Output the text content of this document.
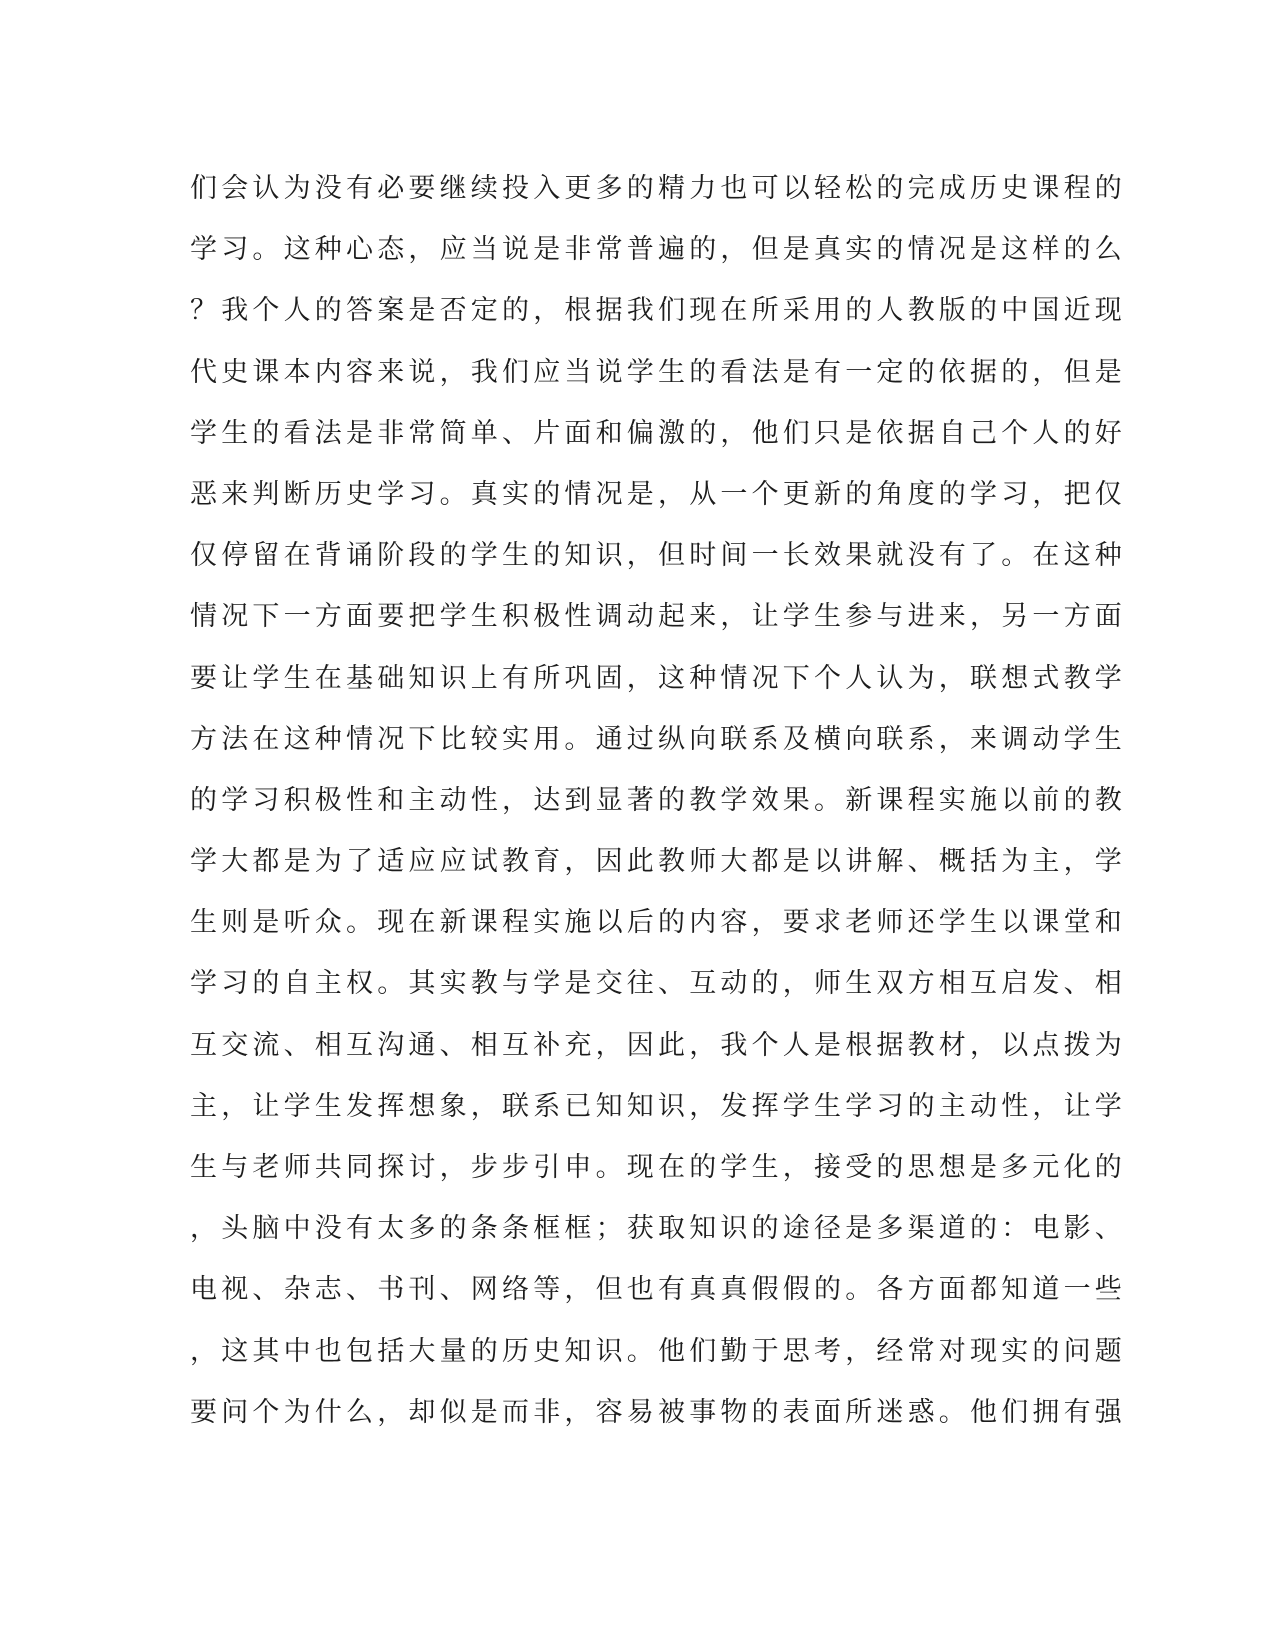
们会认为没有必要继续投入更多的精力也可以轻松的完成历史课程的
学习。这种心态，应当说是非常普遍的，但是真实的情况是这样的么
？我个人的答案是否定的，根据我们现在所采用的人教版的中国近现
代史课本内容来说，我们应当说学生的看法是有一定的依据的，但是
学生的看法是非常简单、片面和偏激的，他们只是依据自己个人的好
恶来判断历史学习。真实的情况是，从一个更新的角度的学习，把仅
仅停留在背诵阶段的学生的知识，但时间一长效果就没有了。在这种
情况下一方面要把学生积极性调动起来，让学生参与进来，另一方面
要让学生在基础知识上有所巩固，这种情况下个人认为，联想式教学
方法在这种情况下比较实用。通过纵向联系及横向联系，来调动学生
的学习积极性和主动性，达到显著的教学效果。新课程实施以前的教
学大都是为了适应应试教育，因此教师大都是以讲解、概括为主，学
生则是听众。现在新课程实施以后的内容，要求老师还学生以课堂和
学习的自主权。其实教与学是交往、互动的，师生双方相互启发、相
互交流、相互沟通、相互补充，因此，我个人是根据教材，以点拨为
主，让学生发挥想象，联系已知知识，发挥学生学习的主动性，让学
生与老师共同探讨，步步引申。现在的学生，接受的思想是多元化的
，头脑中没有太多的条条框框；获取知识的途径是多渠道的：电影、
电视、杂志、书刊、网络等，但也有真真假假的。各方面都知道一些
，这其中也包括大量的历史知识。他们勤于思考，经常对现实的问题
要问个为什么，却似是而非，容易被事物的表面所迷惑。他们拥有强
